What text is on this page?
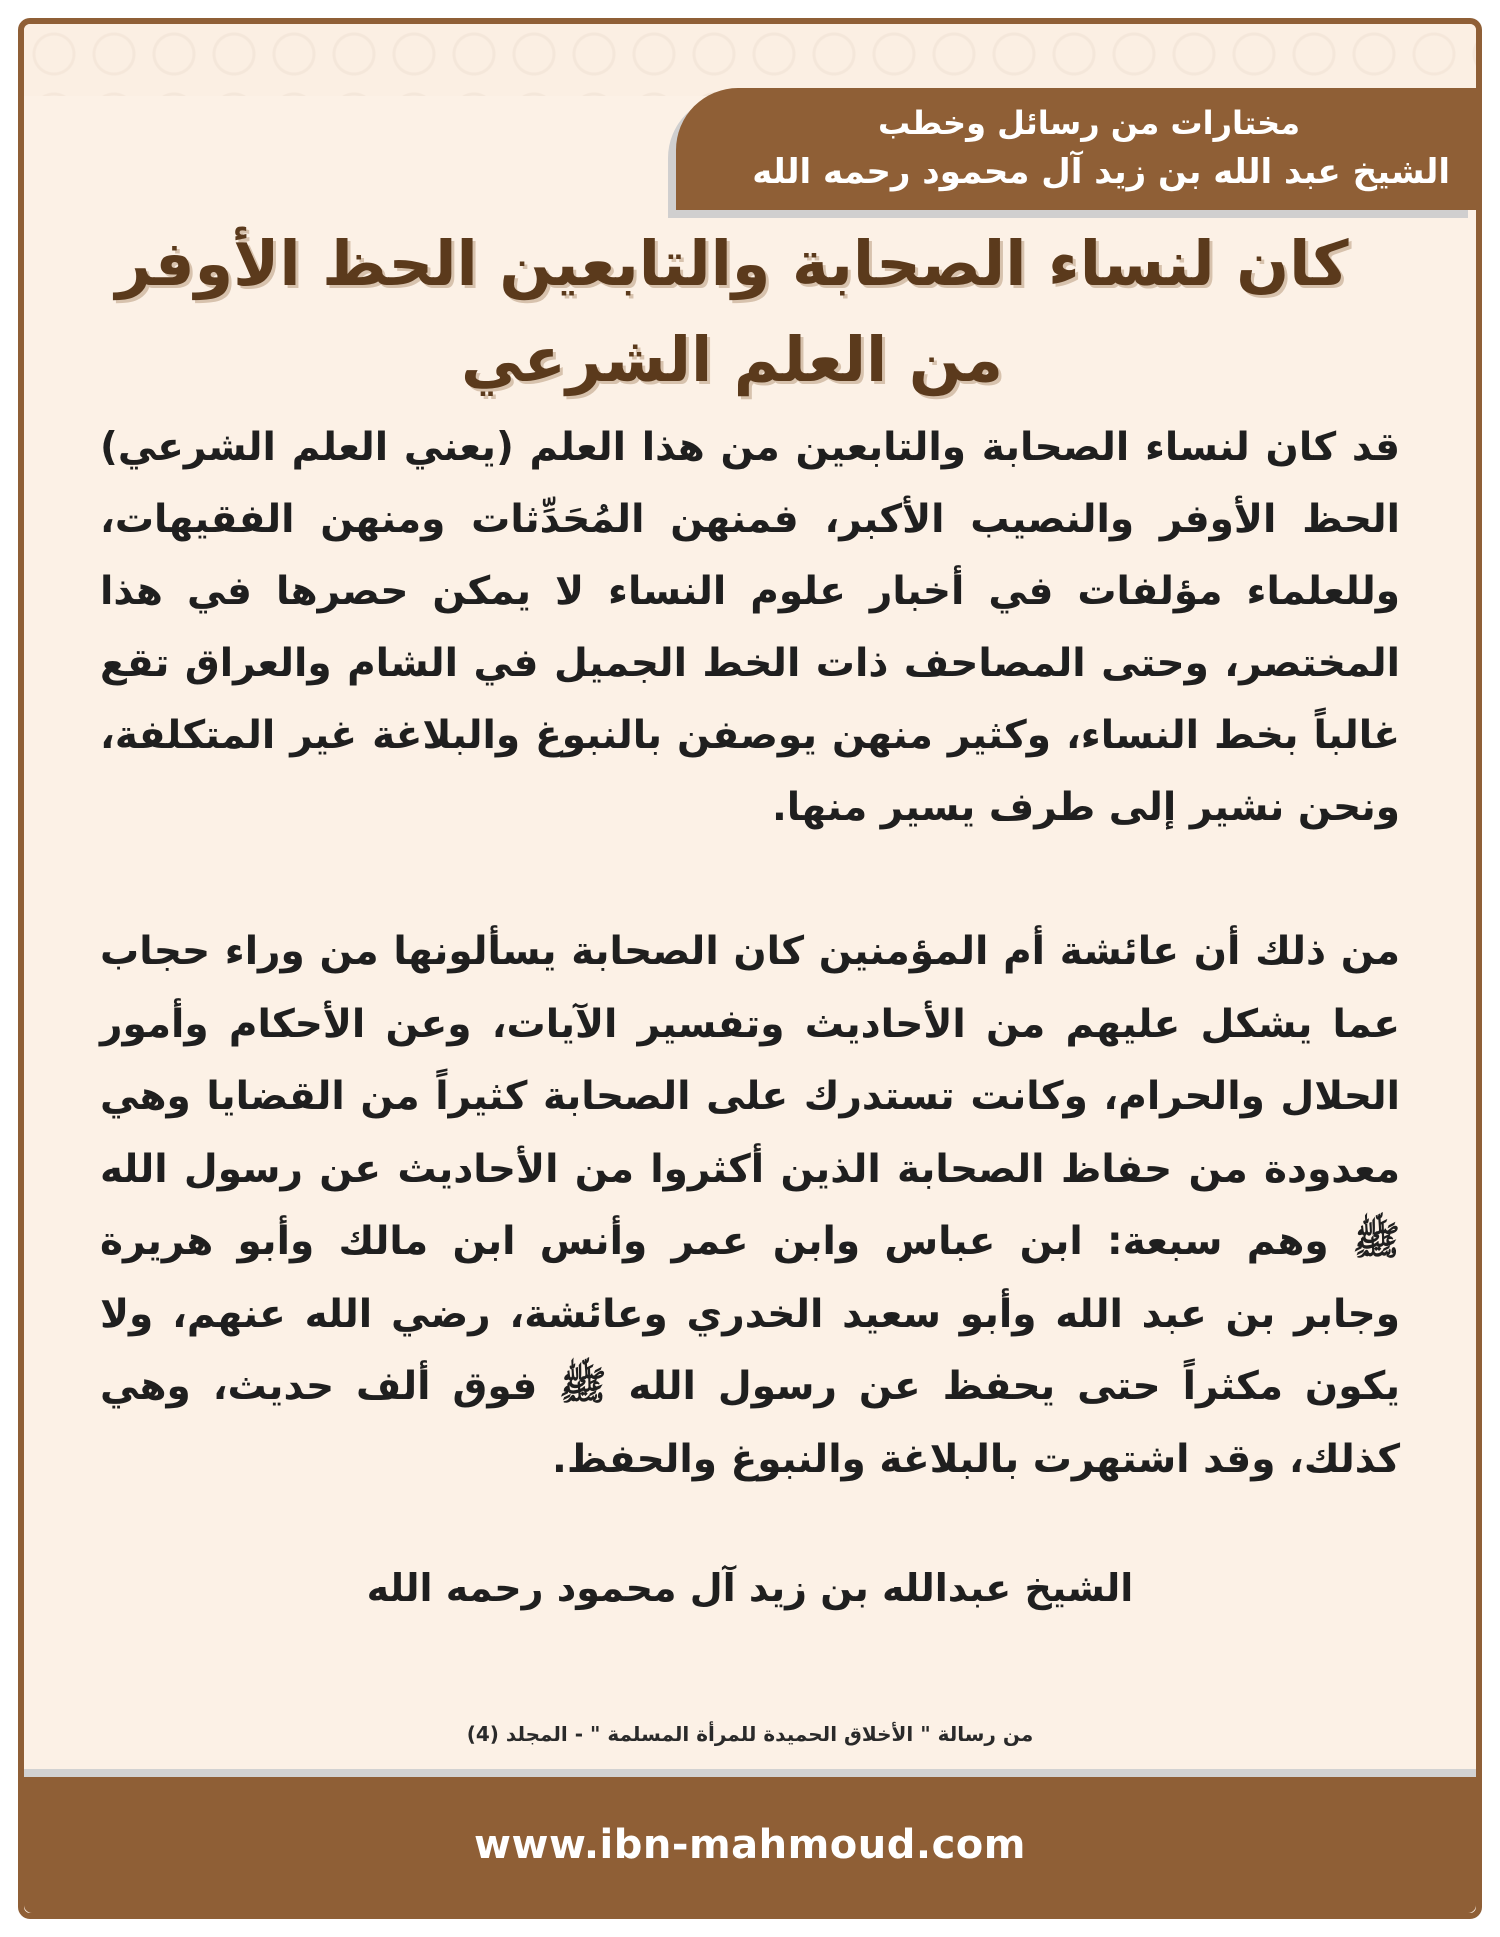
مختارات من رسائل وخطب
الشيخ عبد الله بن زيد آل محمود رحمه الله
كان لنساء الصحابة والتابعين الحظ الأوفر من العلم الشرعي

قد كان لنساء الصحابة والتابعين من هذا العلم (يعني العلم الشرعي) الحظ الأوفر والنصيب الأكبر، فمنهن المُحَدِّثات ومنهن الفقيهات، وللعلماء مؤلفات في أخبار علوم النساء لا يمكن حصرها في هذا المختصر، وحتى المصاحف ذات الخط الجميل في الشام والعراق تقع غالباً بخط النساء، وكثير منهن يوصفن بالنبوغ والبلاغة غير المتكلفة، ونحن نشير إلى طرف يسير منها.

من ذلك أن عائشة أم المؤمنين كان الصحابة يسألونها من وراء حجاب عما يشكل عليهم من الأحاديث وتفسير الآيات، وعن الأحكام وأمور الحلال والحرام، وكانت تستدرك على الصحابة كثيراً من القضايا وهي معدودة من حفاظ الصحابة الذين أكثروا من الأحاديث عن رسول الله ﷺ وهم سبعة: ابن عباس وابن عمر وأنس ابن مالك وأبو هريرة وجابر بن عبد الله وأبو سعيد الخدري وعائشة، رضي الله عنهم، ولا يكون مكثراً حتى يحفظ عن رسول الله ﷺ فوق ألف حديث، وهي كذلك، وقد اشتهرت بالبلاغة والنبوغ والحفظ.

الشيخ عبدالله بن زيد آل محمود رحمه الله

من رسالة " الأخلاق الحميدة للمرأة المسلمة " - المجلد (4)

www.ibn-mahmoud.com
